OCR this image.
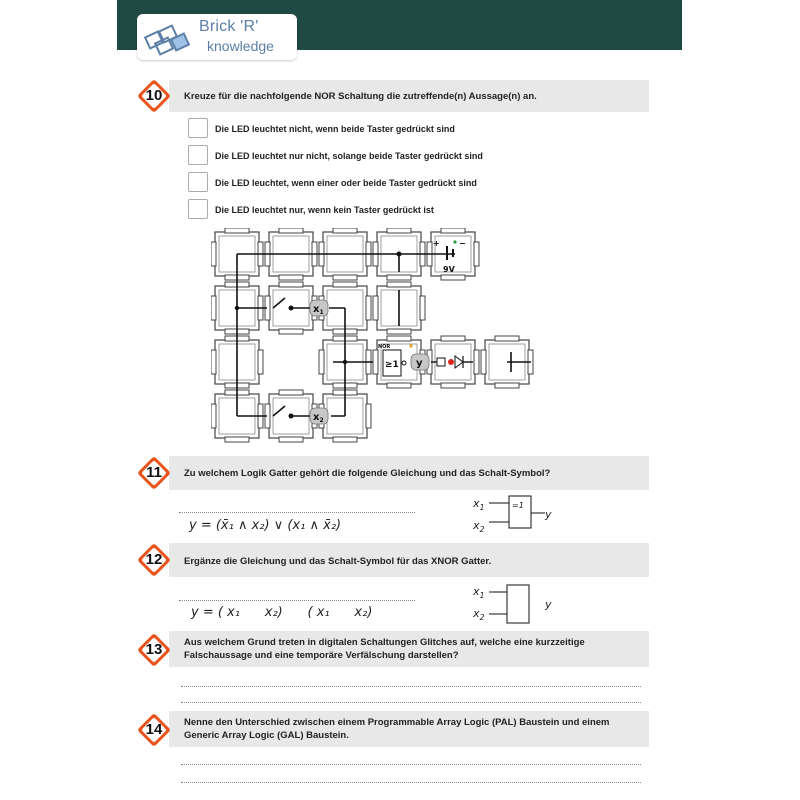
Brick 'R'
knowledge
Kreuze für die nachfolgende NOR Schaltung die zutreffende(n) Aussage(n) an.
10
Die LED leuchtet nicht, wenn beide Taster gedrückt sind
Die LED leuchtet nur nicht, solange beide Taster gedrückt sind
Die LED leuchtet, wenn einer oder beide Taster gedrückt sind
Die LED leuchtet nur, wenn kein Taster gedrückt ist
$x_1$
$x_2$
+ −
9V
NOR
≥1 y
Zu welchem Logik Gatter gehört die folgende Gleichung und das Schalt-Symbol?
11
y = (x̄₁ ∧ x₂) ∨ (x₁ ∧ x̄₂)
$x_1$
$x_2$
y
=1
Ergänze die Gleichung und das Schalt-Symbol für das XNOR Gatter.
12
y = ( x₁      x₂)      ( x₁      x₂)
$x_1$
$x_2$
y
Aus welchem Grund treten in digitalen Schaltungen Glitches auf, welche eine kurzzeitige
Falschaussage und eine temporäre Verfälschung darstellen?
13
Nenne den Unterschied zwischen einem Programmable Array Logic (PAL) Baustein und einem
Generic Array Logic (GAL) Baustein.
14
